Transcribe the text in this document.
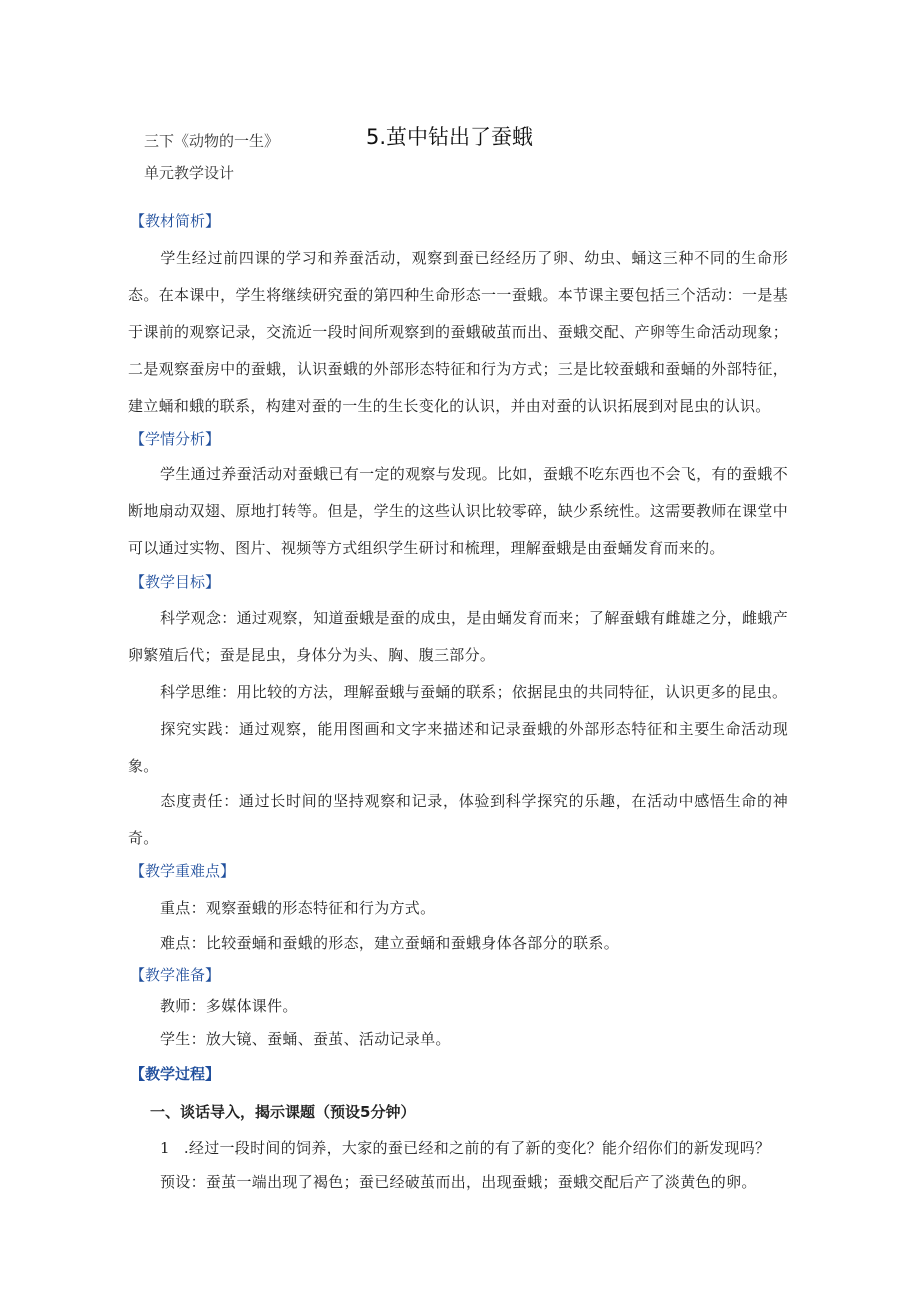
三下《动物的一生》
单元教学设计
5.茧中钻出了蚕蛾
【教材简析】
学生经过前四课的学习和养蚕活动，观察到蚕已经经历了卵、幼虫、蛹这三种不同的生命形态。在本课中，学生将继续研究蚕的第四种生命形态一一蚕蛾。本节课主要包括三个活动：一是基于课前的观察记录，交流近一段时间所观察到的蚕蛾破茧而出、蚕蛾交配、产卵等生命活动现象；二是观察蚕房中的蚕蛾，认识蚕蛾的外部形态特征和行为方式；三是比较蚕蛾和蚕蛹的外部特征，建立蛹和蛾的联系，构建对蚕的一生的生长变化的认识，并由对蚕的认识拓展到对昆虫的认识。
【学情分析】
学生通过养蚕活动对蚕蛾已有一定的观察与发现。比如，蚕蛾不吃东西也不会飞，有的蚕蛾不断地扇动双翅、原地打转等。但是，学生的这些认识比较零碎，缺少系统性。这需要教师在课堂中可以通过实物、图片、视频等方式组织学生研讨和梳理，理解蚕蛾是由蚕蛹发育而来的。
【教学目标】
科学观念：通过观察，知道蚕蛾是蚕的成虫，是由蛹发育而来；了解蚕蛾有雌雄之分，雌蛾产卵繁殖后代；蚕是昆虫，身体分为头、胸、腹三部分。
科学思维：用比较的方法，理解蚕蛾与蚕蛹的联系；依据昆虫的共同特征，认识更多的昆虫。
探究实践：通过观察，能用图画和文字来描述和记录蚕蛾的外部形态特征和主要生命活动现象。
态度责任：通过长时间的坚持观察和记录，体验到科学探究的乐趣，在活动中感悟生命的神奇。
【教学重难点】
重点：观察蚕蛾的形态特征和行为方式。
难点：比较蚕蛹和蚕蛾的形态，建立蚕蛹和蚕蛾身体各部分的联系。
【教学准备】
教师：多媒体课件。
学生：放大镜、蚕蛹、蚕茧、活动记录单。
【教学过程】
一、谈话导入，揭示课题（预设5分钟）
1 .经过一段时间的饲养，大家的蚕已经和之前的有了新的变化？能介绍你们的新发现吗？
预设：蚕茧一端出现了褐色；蚕已经破茧而出，出现蚕蛾；蚕蛾交配后产了淡黄色的卵。
